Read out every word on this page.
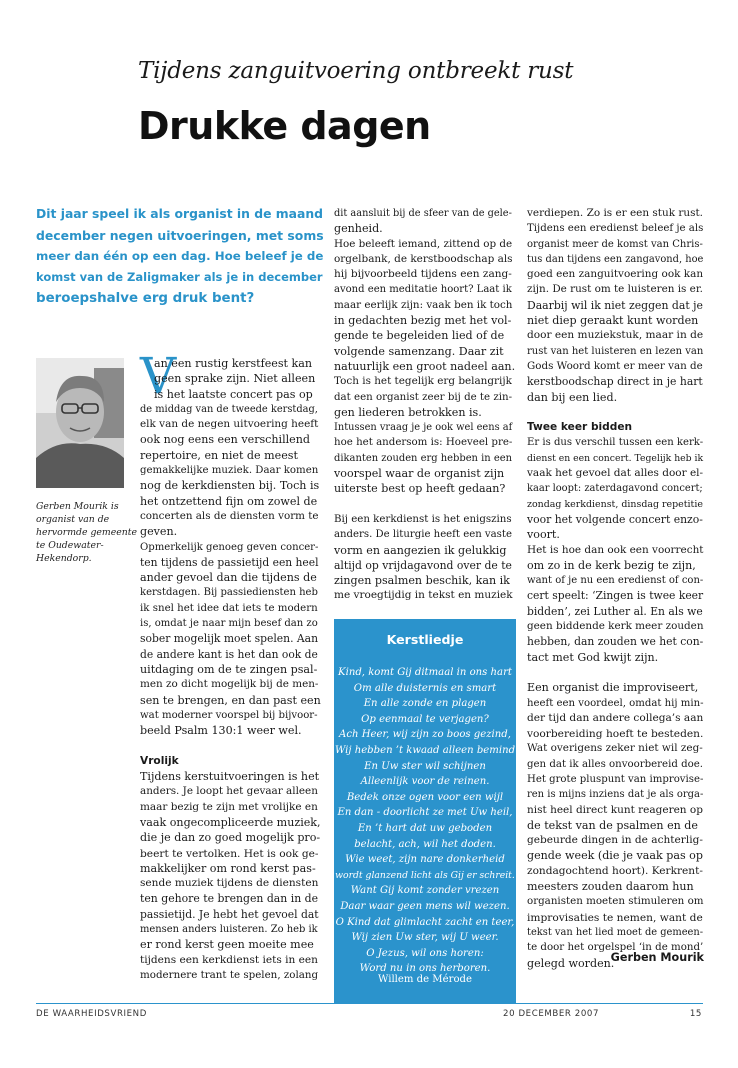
Tijdens zanguitvoering ontbreekt rust
Drukke dagen
Dit jaar speel ik als organist in de maand
december negen uitvoeringen, met soms
meer dan één op een dag. Hoe beleef je de
komst van de Zaligmaker als je in december
beroepshalve erg druk bent?
Gerben Mourik is
organist van de
hervormde gemeente
te Oudewater-
Hekendorp.
V
an een rustig kerstfeest kan
geen sprake zijn. Niet alleen
is het laatste concert pas op
de middag van de tweede kerstdag,
elk van de negen uitvoering heeft
ook nog eens een verschillend
repertoire, en niet de meest
gemakkelijke muziek. Daar komen
nog de kerkdiensten bij. Toch is
het ontzettend fijn om zowel de
concerten als de diensten vorm te
geven.
Opmerkelijk genoeg geven concer-
ten tijdens de passietijd een heel
ander gevoel dan die tijdens de
kerstdagen. Bij passiediensten heb
ik snel het idee dat iets te modern
is, omdat je naar mijn besef dan zo
sober mogelijk moet spelen. Aan
de andere kant is het dan ook de
uitdaging om de te zingen psal-
men zo dicht mogelijk bij de men-
sen te brengen, en dan past een
wat moderner voorspel bij bijvoor-
beeld Psalm 130:1 weer wel.
Vrolijk
Tijdens kerstuitvoeringen is het
anders. Je loopt het gevaar alleen
maar bezig te zijn met vrolijke en
vaak ongecompliceerde muziek,
die je dan zo goed mogelijk pro-
beert te vertolken. Het is ook ge-
makkelijker om rond kerst pas-
sende muziek tijdens de diensten
ten gehore te brengen dan in de
passietijd. Je hebt het gevoel dat
mensen anders luisteren. Zo heb ik
er rond kerst geen moeite mee
tijdens een kerkdienst iets in een
modernere trant te spelen, zolang
dit aansluit bij de sfeer van de gele-
genheid.
Hoe beleeft iemand, zittend op de
orgelbank, de kerstboodschap als
hij bijvoorbeeld tijdens een zang-
avond een meditatie hoort? Laat ik
maar eerlijk zijn: vaak ben ik toch
in gedachten bezig met het vol-
gende te begeleiden lied of de
volgende samenzang. Daar zit
natuurlijk een groot nadeel aan.
Toch is het tegelijk erg belangrijk
dat een organist zeer bij de te zin-
gen liederen betrokken is.
Intussen vraag je je ook wel eens af
hoe het andersom is: Hoeveel pre-
dikanten zouden erg hebben in een
voorspel waar de organist zijn
uiterste best op heeft gedaan?
Bij een kerkdienst is het enigszins
anders. De liturgie heeft een vaste
vorm en aangezien ik gelukkig
altijd op vrijdagavond over de te
zingen psalmen beschik, kan ik
me vroegtijdig in tekst en muziek
verdiepen. Zo is er een stuk rust.
Tijdens een eredienst beleef je als
organist meer de komst van Chris-
tus dan tijdens een zangavond, hoe
goed een zanguitvoering ook kan
zijn. De rust om te luisteren is er.
Daarbij wil ik niet zeggen dat je
niet diep geraakt kunt worden
door een muziekstuk, maar in de
rust van het luisteren en lezen van
Gods Woord komt er meer van de
kerstboodschap direct in je hart
dan bij een lied.
Twee keer bidden
Er is dus verschil tussen een kerk-
dienst en een concert. Tegelijk heb ik
vaak het gevoel dat alles door el-
kaar loopt: zaterdagavond concert;
zondag kerkdienst, dinsdag repetitie
voor het volgende concert enzo-
voort.
Het is hoe dan ook een voorrecht
om zo in de kerk bezig te zijn,
want of je nu een eredienst of con-
cert speelt: ‘Zingen is twee keer
bidden’, zei Luther al. En als we
geen biddende kerk meer zouden
hebben, dan zouden we het con-
tact met God kwijt zijn.
Een organist die improviseert,
heeft een voordeel, omdat hij min-
der tijd dan andere collega’s aan
voorbereiding hoeft te besteden.
Wat overigens zeker niet wil zeg-
gen dat ik alles onvoorbereid doe.
Het grote pluspunt van improvise-
ren is mijns inziens dat je als orga-
nist heel direct kunt reageren op
de tekst van de psalmen en de
gebeurde dingen in de achterlig-
gende week (die je vaak pas op
zondagochtend hoort). Kerkrent-
meesters zouden daarom hun
organisten moeten stimuleren om
improvisaties te nemen, want de
tekst van het lied moet de gemeen-
te door het orgelspel ‘in de mond’
gelegd worden.
Gerben Mourik
Kerstliedje
Kind, komt Gij ditmaal in ons hart
Om alle duisternis en smart
En alle zonde en plagen
Op eenmaal te verjagen?
Ach Heer, wij zijn zo boos gezind,
Wij hebben ’t kwaad alleen bemind
En Uw ster wil schijnen
Alleenlijk voor de reinen.
Bedek onze ogen voor een wijl
En dan - doorlicht ze met Uw heil,
En ’t hart dat uw geboden
belacht, ach, wil het doden.
Wie weet, zijn nare donkerheid
wordt glanzend licht als Gij er schreit.
Want Gij komt zonder vrezen
Daar waar geen mens wil wezen.
O Kind dat glimlacht zacht en teer,
Wij zien Uw ster, wij U weer.
O Jezus, wil ons horen:
Word nu in ons herboren.
Willem de Mérode
DE WAARHEIDSVRIEND	20 DECEMBER 2007	15
